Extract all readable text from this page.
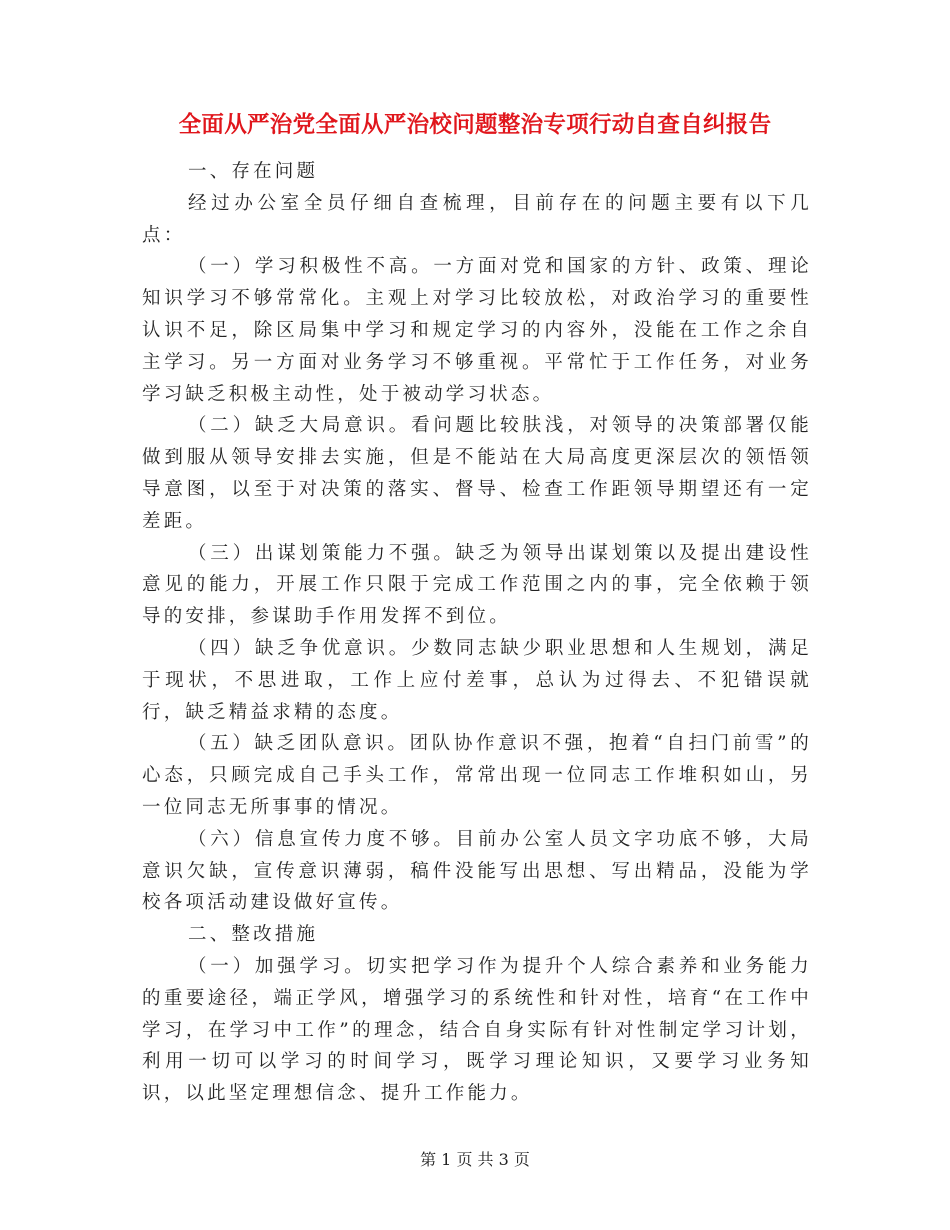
全面从严治党全面从严治校问题整治专项行动自查自纠报告

一、存在问题

经过办公室全员仔细自查梳理，目前存在的问题主要有以下几点：

（一）学习积极性不高。一方面对党和国家的方针、政策、理论知识学习不够常常化。主观上对学习比较放松，对政治学习的重要性认识不足，除区局集中学习和规定学习的内容外，没能在工作之余自主学习。另一方面对业务学习不够重视。平常忙于工作任务，对业务学习缺乏积极主动性，处于被动学习状态。

（二）缺乏大局意识。看问题比较肤浅，对领导的决策部署仅能做到服从领导安排去实施，但是不能站在大局高度更深层次的领悟领导意图，以至于对决策的落实、督导、检查工作距领导期望还有一定差距。

（三）出谋划策能力不强。缺乏为领导出谋划策以及提出建设性意见的能力，开展工作只限于完成工作范围之内的事，完全依赖于领导的安排，参谋助手作用发挥不到位。

（四）缺乏争优意识。少数同志缺少职业思想和人生规划，满足于现状，不思进取，工作上应付差事，总认为过得去、不犯错误就行，缺乏精益求精的态度。

（五）缺乏团队意识。团队协作意识不强，抱着“自扫门前雪”的心态，只顾完成自己手头工作，常常出现一位同志工作堆积如山，另一位同志无所事事的情况。

（六）信息宣传力度不够。目前办公室人员文字功底不够，大局意识欠缺，宣传意识薄弱，稿件没能写出思想、写出精品，没能为学校各项活动建设做好宣传。

二、整改措施

（一）加强学习。切实把学习作为提升个人综合素养和业务能力的重要途径，端正学风，增强学习的系统性和针对性，培育“在工作中学习，在学习中工作”的理念，结合自身实际有针对性制定学习计划，利用一切可以学习的时间学习，既学习理论知识，又要学习业务知识，以此坚定理想信念、提升工作能力。

第 1 页 共 3 页
